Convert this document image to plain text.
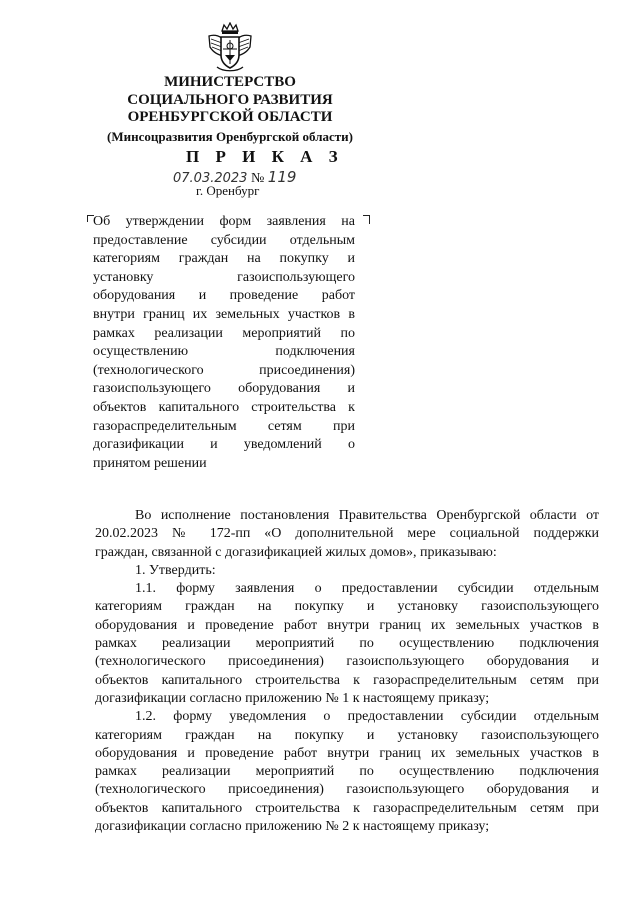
МИНИСТЕРСТВО
СОЦИАЛЬНОГО РАЗВИТИЯ
ОРЕНБУРГСКОЙ ОБЛАСТИ
(Минсоцразвития Оренбургской области)
П Р И К А З
07.03.2023 № 119
г. Оренбург
Об утверждении форм заявления на
предоставление субсидии отдельным
категориям граждан на покупку и
установку газоиспользующего
оборудования и проведение работ
внутри границ их земельных участков в
рамках реализации мероприятий по
осуществлению подключения
(технологического присоединения)
газоиспользующего оборудования и
объектов капитального строительства к
газораспределительным сетям при
догазификации и уведомлений о
принятом решении
Во исполнение постановления Правительства Оренбургской области от
20.02.2023 № 172-пп «О дополнительной мере социальной поддержки
граждан, связанной с догазификацией жилых домов», приказываю:
1. Утвердить:
1.1. форму заявления о предоставлении субсидии отдельным
категориям граждан на покупку и установку газоиспользующего
оборудования и проведение работ внутри границ их земельных участков в
рамках реализации мероприятий по осуществлению подключения
(технологического присоединения) газоиспользующего оборудования и
объектов капитального строительства к газораспределительным сетям при
догазификации согласно приложению № 1 к настоящему приказу;
1.2. форму уведомления о предоставлении субсидии отдельным
категориям граждан на покупку и установку газоиспользующего
оборудования и проведение работ внутри границ их земельных участков в
рамках реализации мероприятий по осуществлению подключения
(технологического присоединения) газоиспользующего оборудования и
объектов капитального строительства к газораспределительным сетям при
догазификации согласно приложению № 2 к настоящему приказу;
